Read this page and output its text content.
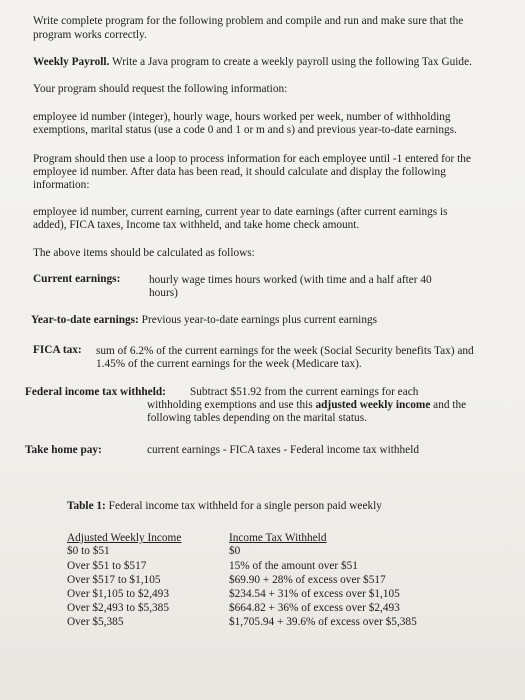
Write complete program for the following problem and compile and run and make sure that the
program works correctly.
Weekly Payroll. Write a Java program to create a weekly payroll using the following Tax Guide.
Your program should request the following information:
employee id number (integer), hourly wage, hours worked per week, number of withholding
exemptions, marital status (use a code 0 and 1 or m and s) and previous year-to-date earnings.
Program should then use a loop to process information for each employee until -1 entered for the
employee id number. After data has been read, it should calculate and display the following
information:
employee id number, current earning, current year to date earnings (after current earnings is
added), FICA taxes, Income tax withheld, and take home check amount.
The above items should be calculated as follows:
Current earnings:	hourly wage times hours worked (with time and a half after 40
hours)
Year-to-date earnings: Previous year-to-date earnings plus current earnings
FICA tax: sum of 6.2% of the current earnings for the week (Social Security benefits Tax) and
1.45% of the current earnings for the week (Medicare tax).
Federal income tax withheld: Subtract $51.92 from the current earnings for each
withholding exemptions and use this adjusted weekly income and the
following tables depending on the marital status.
Take home pay:	current earnings - FICA taxes - Federal income tax withheld
Table 1: Federal income tax withheld for a single person paid weekly
Adjusted Weekly Income	Income Tax Withheld
$0 to $51	$0
Over $51 to $517	15% of the amount over $51
Over $517 to $1,105	$69.90 + 28% of excess over $517
Over $1,105 to $2,493	$234.54 + 31% of excess over $1,105
Over $2,493 to $5,385	$664.82 + 36% of excess over $2,493
Over $5,385	$1,705.94 + 39.6% of excess over $5,385
